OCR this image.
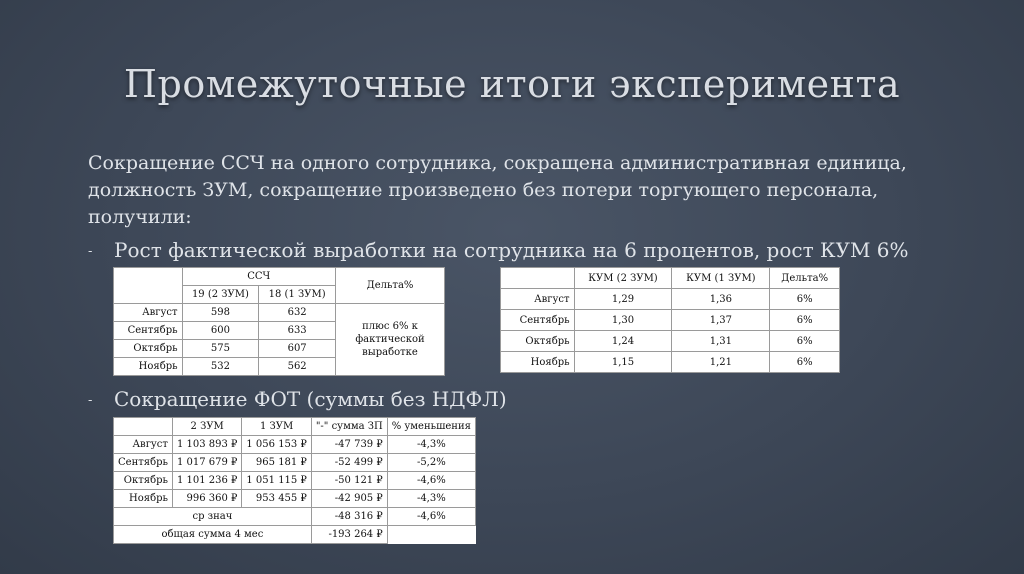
Промежуточные итоги эксперимента
Сокращение ССЧ на одного сотрудника, сокращена административная единица, должность ЗУМ, сокращение произведено без потери торгующего персонала, получили:
- Рост фактической выработки на сотрудника на 6 процентов, рост КУМ 6%
	ССЧ		Дельта%
	19 (2 ЗУМ)	18 (1 ЗУМ)	
Август	598	632	плюс 6% к фактической выработке
Сентябрь	600	633	
Октябрь	575	607	
Ноябрь	532	562	
	КУМ (2 ЗУМ)	КУМ (1 ЗУМ)	Дельта%
Август	1,29	1,36	6%
Сентябрь	1,30	1,37	6%
Октябрь	1,24	1,31	6%
Ноябрь	1,15	1,21	6%
- Сокращение ФОТ (суммы без НДФЛ)
	2 ЗУМ	1 ЗУМ	"-" сумма ЗП	% уменьшения
Август	1 103 893 ₽	1 056 153 ₽	-47 739 ₽	-4,3%
Сентябрь	1 017 679 ₽	965 181 ₽	-52 499 ₽	-5,2%
Октябрь	1 101 236 ₽	1 051 115 ₽	-50 121 ₽	-4,6%
Ноябрь	996 360 ₽	953 455 ₽	-42 905 ₽	-4,3%
ср знач			-48 316 ₽	-4,6%
общая сумма 4 мес			-193 264 ₽	
